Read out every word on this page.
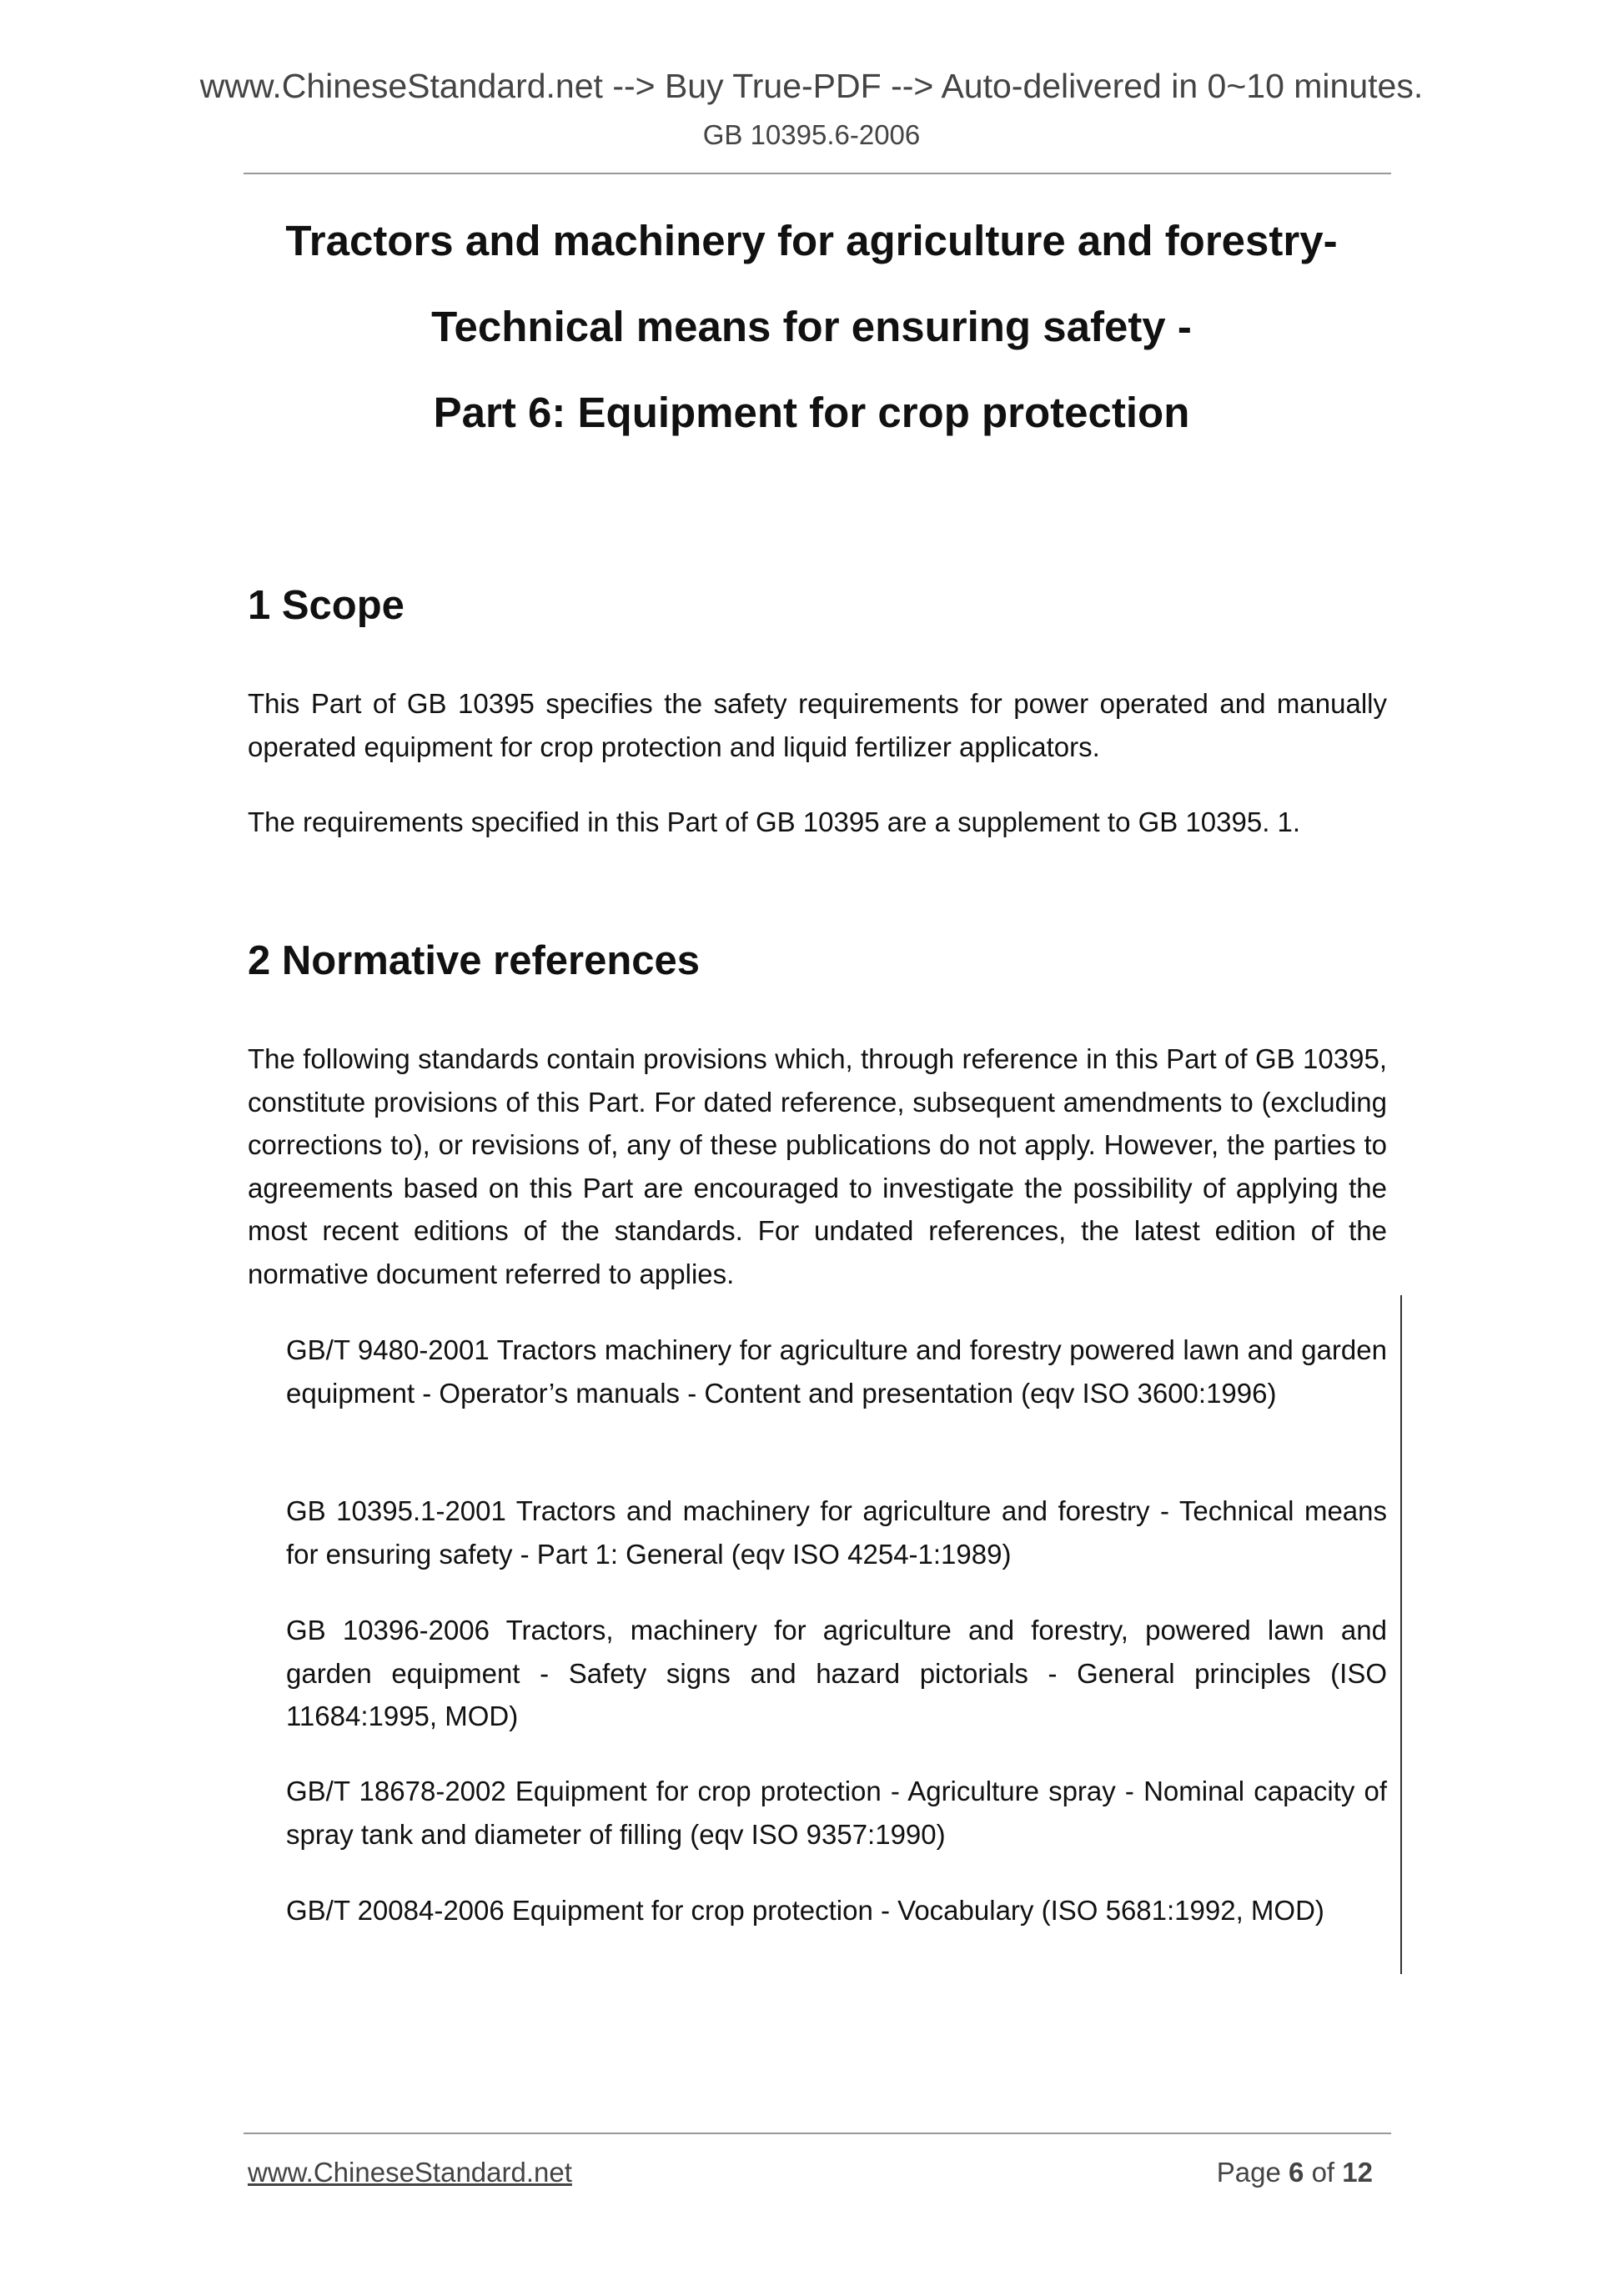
www.ChineseStandard.net --> Buy True-PDF --> Auto-delivered in 0~10 minutes.
GB 10395.6-2006
Tractors and machinery for agriculture and forestry-
Technical means for ensuring safety -
Part 6: Equipment for crop protection
1 Scope
This Part of GB 10395 specifies the safety requirements for power operated and manually operated equipment for crop protection and liquid fertilizer applicators.
The requirements specified in this Part of GB 10395 are a supplement to GB 10395. 1.
2 Normative references
The following standards contain provisions which, through reference in this Part of GB 10395, constitute provisions of this Part. For dated reference, subsequent amendments to (excluding corrections to), or revisions of, any of these publications do not apply. However, the parties to agreements based on this Part are encouraged to investigate the possibility of applying the most recent editions of the standards. For undated references, the latest edition of the normative document referred to applies.
GB/T 9480-2001 Tractors machinery for agriculture and forestry powered lawn and garden equipment - Operator’s manuals - Content and presentation (eqv ISO 3600:1996)
GB 10395.1-2001 Tractors and machinery for agriculture and forestry - Technical means for ensuring safety - Part 1: General (eqv ISO 4254-1:1989)
GB 10396-2006 Tractors, machinery for agriculture and forestry, powered lawn and garden equipment - Safety signs and hazard pictorials - General principles (ISO 11684:1995, MOD)
GB/T 18678-2002 Equipment for crop protection - Agriculture spray - Nominal capacity of spray tank and diameter of filling (eqv ISO 9357:1990)
GB/T 20084-2006 Equipment for crop protection - Vocabulary (ISO 5681:1992, MOD)
www.ChineseStandard.net	Page 6 of 12
